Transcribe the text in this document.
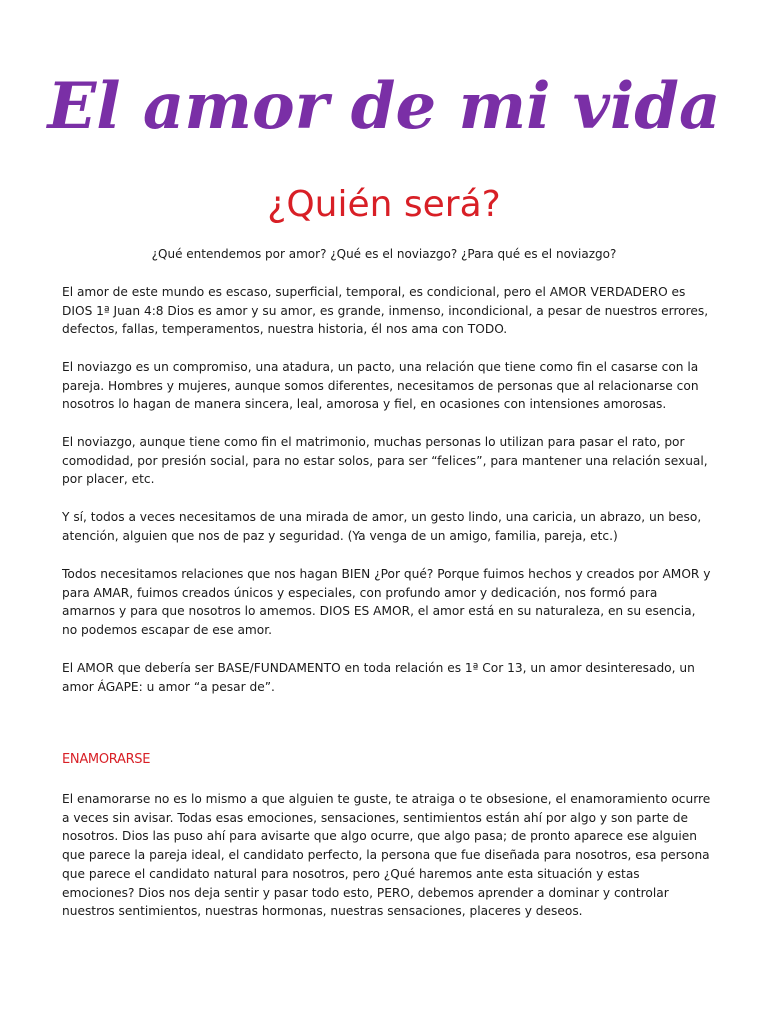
El amor de mi vida
¿Quién será?
¿Qué entendemos por amor? ¿Qué es el noviazgo? ¿Para qué es el noviazgo?

El amor de este mundo es escaso, superficial, temporal, es condicional, pero el AMOR VERDADERO es DIOS 1ª Juan 4:8 Dios es amor y su amor, es grande, inmenso, incondicional, a pesar de nuestros errores, defectos, fallas, temperamentos, nuestra historia, él nos ama con TODO.

El noviazgo es un compromiso, una atadura, un pacto, una relación que tiene como fin el casarse con la pareja. Hombres y mujeres, aunque somos diferentes, necesitamos de personas que al relacionarse con nosotros lo hagan de manera sincera, leal, amorosa y fiel, en ocasiones con intensiones amorosas.

El noviazgo, aunque tiene como fin el matrimonio, muchas personas lo utilizan para pasar el rato, por comodidad, por presión social, para no estar solos, para ser “felices”, para mantener una relación sexual, por placer, etc.

Y sí, todos a veces necesitamos de una mirada de amor, un gesto lindo, una caricia, un abrazo, un beso, atención, alguien que nos de paz y seguridad. (Ya venga de un amigo, familia, pareja, etc.)

Todos necesitamos relaciones que nos hagan BIEN ¿Por qué? Porque fuimos hechos y creados por AMOR y para AMAR, fuimos creados únicos y especiales, con profundo amor y dedicación, nos formó para amarnos y para que nosotros lo amemos. DIOS ES AMOR, el amor está en su naturaleza, en su esencia, no podemos escapar de ese amor.

El AMOR que debería ser BASE/FUNDAMENTO en toda relación es 1ª Cor 13, un amor desinteresado, un amor ÁGAPE: u amor “a pesar de”.

ENAMORARSE

El enamorarse no es lo mismo a que alguien te guste, te atraiga o te obsesione, el enamoramiento ocurre a veces sin avisar. Todas esas emociones, sensaciones, sentimientos están ahí por algo y son parte de nosotros. Dios las puso ahí para avisarte que algo ocurre, que algo pasa; de pronto aparece ese alguien que parece la pareja ideal, el candidato perfecto, la persona que fue diseñada para nosotros, esa persona que parece el candidato natural para nosotros, pero ¿Qué haremos ante esta situación y estas emociones? Dios nos deja sentir y pasar todo esto, PERO, debemos aprender a dominar y controlar nuestros sentimientos, nuestras hormonas, nuestras sensaciones, placeres y deseos.
